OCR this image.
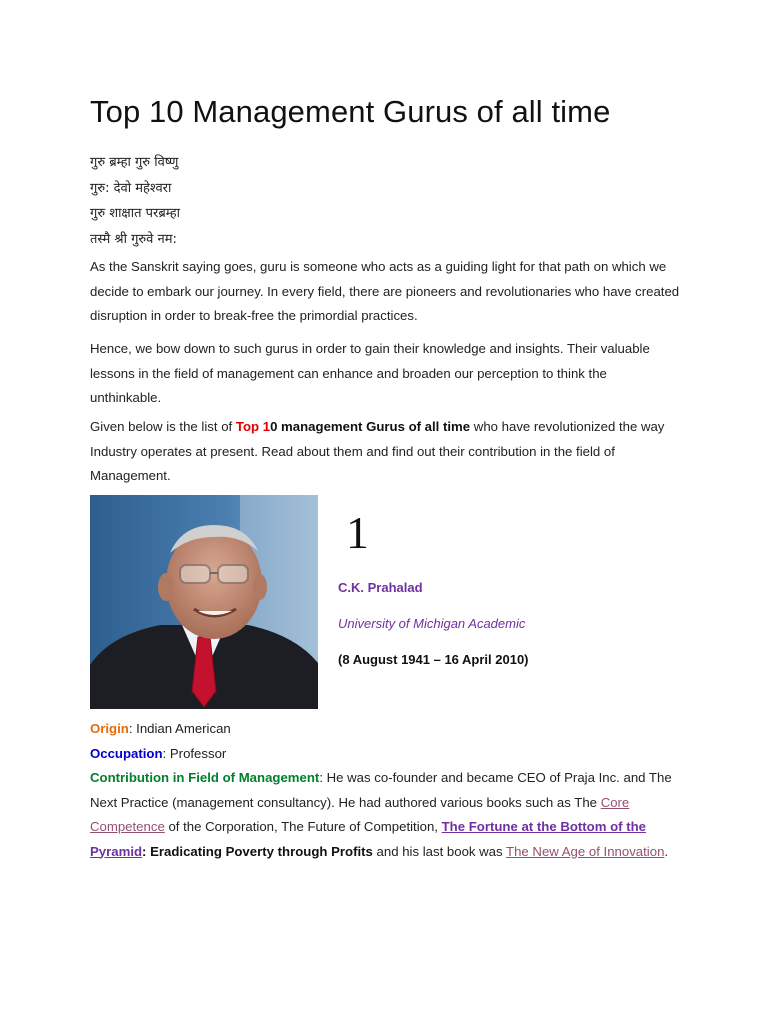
Top 10 Management Gurus of all time
गुरु ब्रम्हा गुरु विष्णु
गुरु: देवो महेश्वरा
गुरु शाक्षात परब्रम्हा
तस्मै श्री गुरुवे नम:

As the Sanskrit saying goes, guru is someone who acts as a guiding light for that path on which we decide to embark our journey. In every field, there are pioneers and revolutionaries who have created disruption in order to break-free the primordial practices.

Hence, we bow down to such gurus in order to gain their knowledge and insights. Their valuable lessons in the field of management can enhance and broaden our perception to think the unthinkable.

Given below is the list of Top 10 management Gurus of all time who have revolutionized the way Industry operates at present. Read about them and find out their contribution in the field of Management.

1
C.K. Prahalad
University of Michigan Academic
(8 August 1941 – 16 April 2010)

Origin: Indian American

Occupation: Professor

Contribution in Field of Management: He was co-founder and became CEO of Praja Inc. and The Next Practice (management consultancy). He had authored various books such as The Core Competence of the Corporation, The Future of Competition, The Fortune at the Bottom of the Pyramid: Eradicating Poverty through Profits and his last book was The New Age of Innovation.
